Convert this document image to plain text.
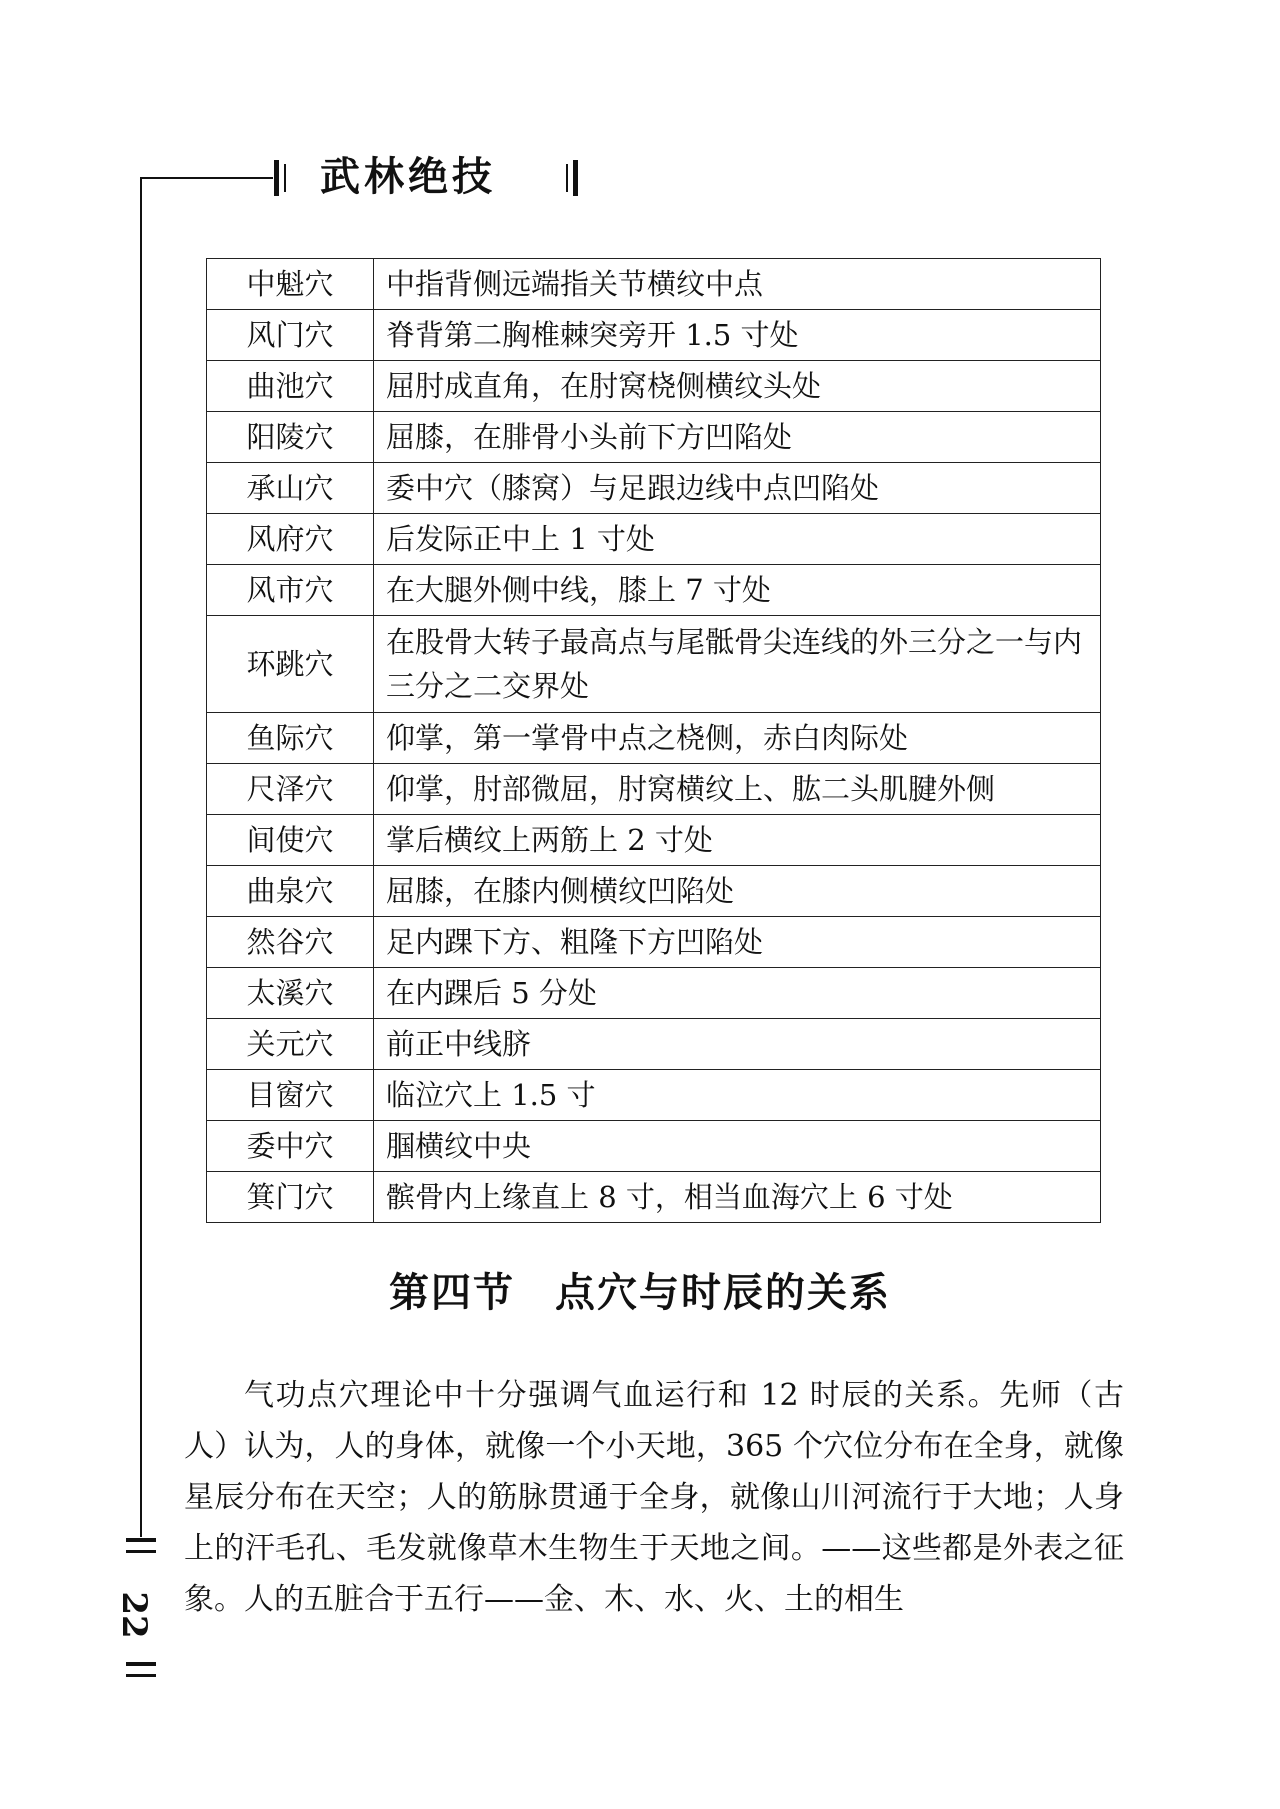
武林绝技
中魁穴	中指背侧远端指关节横纹中点
风门穴	脊背第二胸椎棘突旁开 1.5 寸处
曲池穴	屈肘成直角，在肘窝桡侧横纹头处
阳陵穴	屈膝，在腓骨小头前下方凹陷处
承山穴	委中穴（膝窝）与足跟边线中点凹陷处
风府穴	后发际正中上 1 寸处
风市穴	在大腿外侧中线，膝上 7 寸处
环跳穴	在股骨大转子最高点与尾骶骨尖连线的外三分之一与内三分之二交界处
鱼际穴	仰掌，第一掌骨中点之桡侧，赤白肉际处
尺泽穴	仰掌，肘部微屈，肘窝横纹上、肱二头肌腱外侧
间使穴	掌后横纹上两筋上 2 寸处
曲泉穴	屈膝，在膝内侧横纹凹陷处
然谷穴	足内踝下方、粗隆下方凹陷处
太溪穴	在内踝后 5 分处
关元穴	前正中线脐
目窗穴	临泣穴上 1.5 寸
委中穴	腘横纹中央
箕门穴	髌骨内上缘直上 8 寸，相当血海穴上 6 寸处
第四节 点穴与时辰的关系

气功点穴理论中十分强调气血运行和 12 时辰的关系。先师（古人）认为，人的身体，就像一个小天地，365 个穴位分布在全身，就像星辰分布在天空；人的筋脉贯通于全身，就像山川河流行于大地；人身上的汗毛孔、毛发就像草木生物生于天地之间。——这些都是外表之征象。人的五脏合于五行——金、木、水、火、土的相生

22
